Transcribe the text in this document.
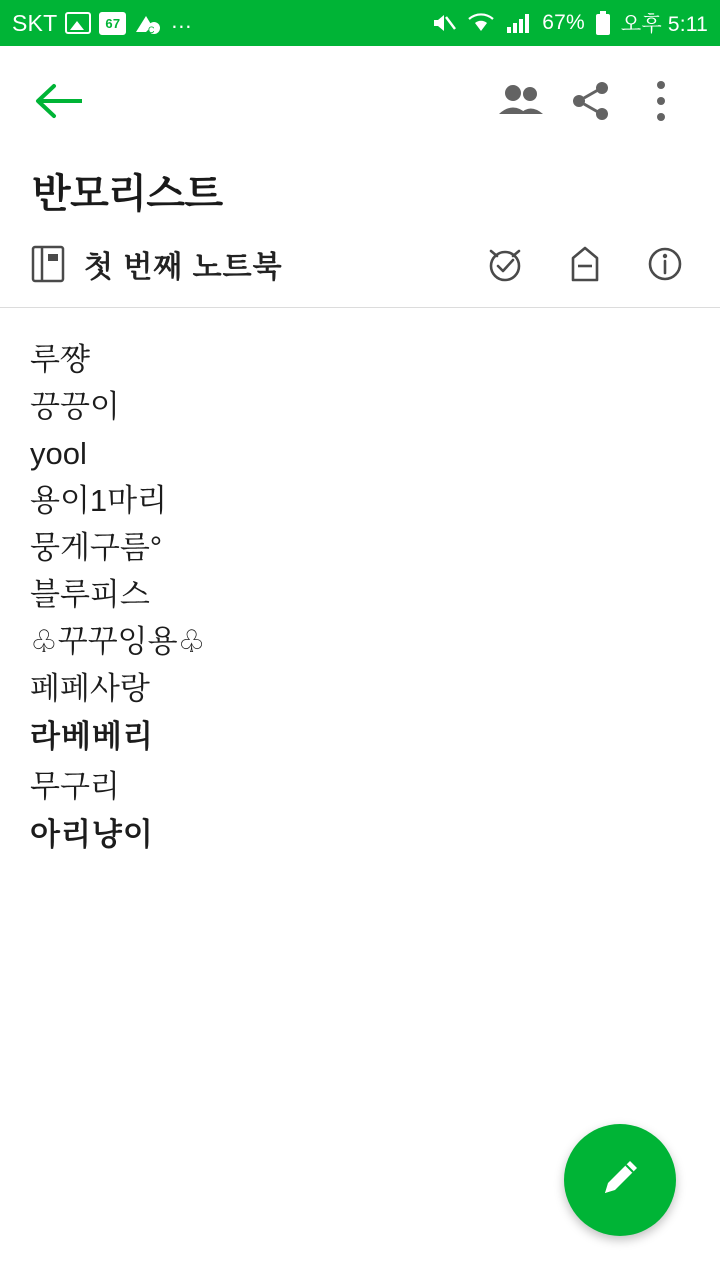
SKT	67	C …	67% 오후 5:11
반모리스트
첫 번째 노트북
루쨩
끙끙이
yool
용이1마리
뭉게구름°
블루피스
♧꾸꾸잉용♧
페페사랑
라베베리
무구리
아리냥이
